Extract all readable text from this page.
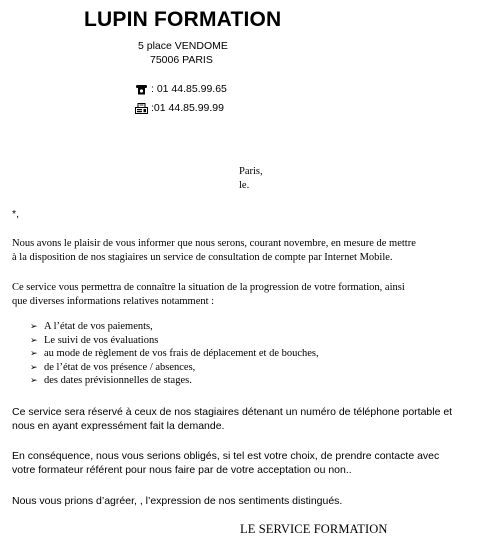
LUPIN FORMATION
5 place VENDOME
75006 PARIS
: 01 44.85.99.65
:01 44.85.99.99
Paris,
le.
*,
Nous avons le plaisir de vous informer que nous serons, courant novembre, en mesure de mettre
à la disposition de nos stagiaires un service de consultation de compte par Internet Mobile.
Ce service vous permettra de connaître la situation de la progression de votre formation, ainsi
que diverses informations relatives notamment :
➢ A l’état de vos paiements,
➢ Le suivi de vos évaluations
➢ au mode de règlement de vos frais de déplacement et de bouches,
➢ de l’état de vos présence / absences,
➢ des dates prévisionnelles de stages.
Ce service sera réservé à ceux de nos stagiaires détenant un numéro de téléphone portable et
nous en ayant expressément fait la demande.
En conséquence, nous vous serions obligés, si tel est votre choix, de prendre contacte avec
votre formateur référent pour nous faire par de votre acceptation ou non..
Nous vous prions d’agréer, , l’expression de nos sentiments distingués.
LE SERVICE FORMATION
